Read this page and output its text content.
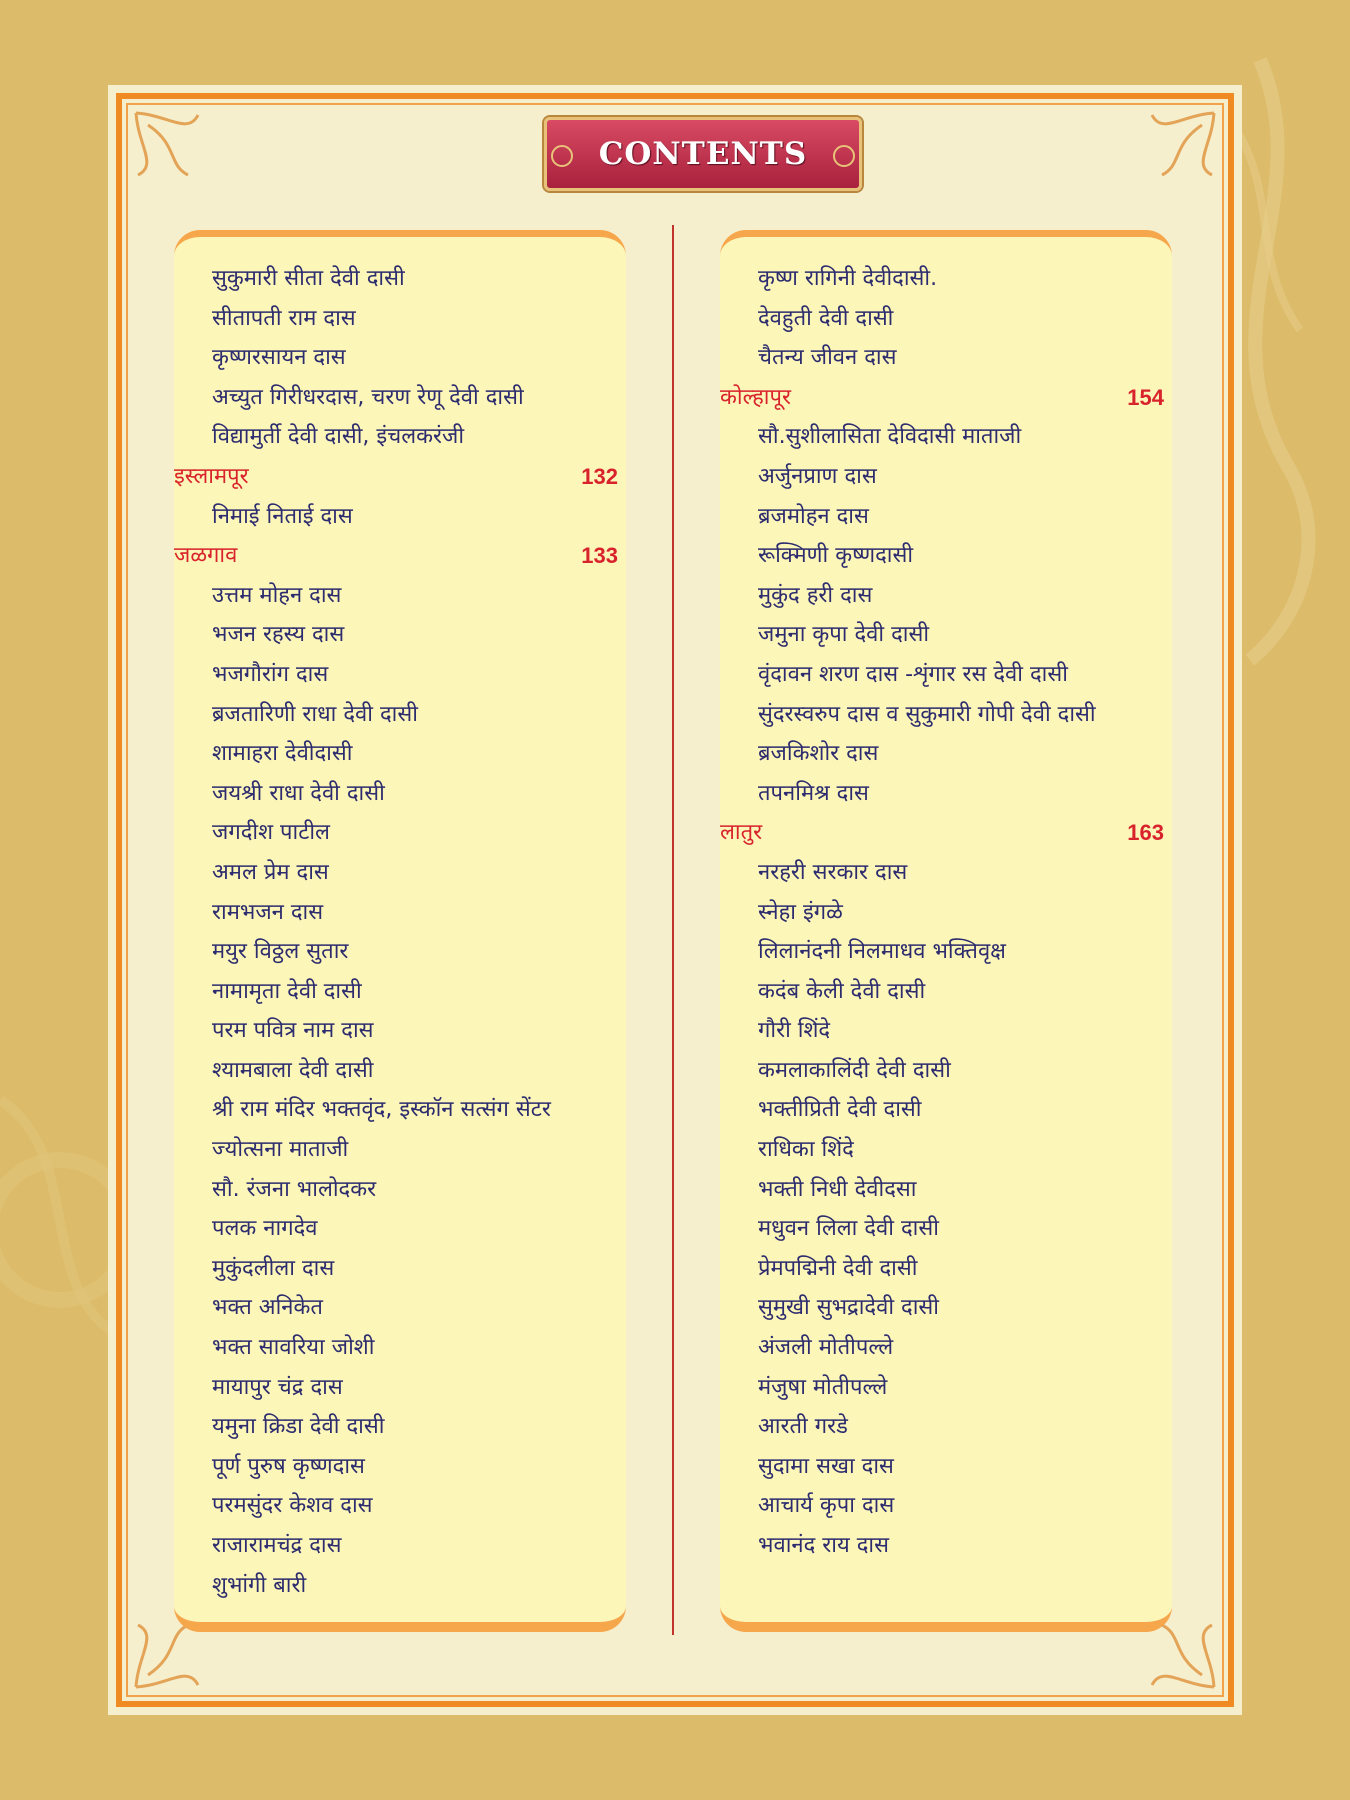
CONTENTS
सुकुमारी सीता देवी दासी
सीतापती राम दास
कृष्णरसायन दास
अच्युत गिरीधरदास, चरण रेणू देवी दासी
विद्यामुर्ती देवी दासी, इंचलकरंजी
इस्लामपूर	132
निमाई निताई दास
जळगाव	133
उत्तम मोहन दास
भजन रहस्य दास
भजगौरांग दास
ब्रजतारिणी राधा देवी दासी
शामाहरा देवीदासी
जयश्री राधा देवी दासी
जगदीश पाटील
अमल प्रेम दास
रामभजन दास
मयुर विठ्ठल सुतार
नामामृता देवी दासी
परम पवित्र नाम दास
श्यामबाला देवी दासी
श्री राम मंदिर भक्तवृंद, इस्कॉन सत्संग सेंटर
ज्योत्सना माताजी
सौ. रंजना भालोदकर
पलक नागदेव
मुकुंदलीला दास
भक्त अनिकेत
भक्त सावरिया जोशी
मायापुर चंद्र दास
यमुना क्रिडा देवी दासी
पूर्ण पुरुष कृष्णदास
परमसुंदर केशव दास
राजारामचंद्र दास
शुभांगी बारी
कृष्ण रागिनी देवीदासी.
देवहुती देवी दासी
चैतन्य जीवन दास
कोल्हापूर	154
सौ.सुशीलासिता देविदासी माताजी
अर्जुनप्राण दास
ब्रजमोहन दास
रूक्मिणी कृष्णदासी
मुकुंद हरी दास
जमुना कृपा देवी दासी
वृंदावन शरण दास -शृंगार रस देवी दासी
सुंदरस्वरुप दास व सुकुमारी गोपी देवी दासी
ब्रजकिशोर दास
तपनमिश्र दास
लातुर	163
नरहरी सरकार दास
स्नेहा इंगळे
लिलानंदनी निलमाधव भक्तिवृक्ष
कदंब केली देवी दासी
गौरी शिंदे
कमलाकालिंदी देवी दासी
भक्तीप्रिती देवी दासी
राधिका शिंदे
भक्ती निधी देवीदसा
मधुवन लिला देवी दासी
प्रेमपद्मिनी देवी दासी
सुमुखी सुभद्रादेवी दासी
अंजली मोतीपल्ले
मंजुषा मोतीपल्ले
आरती गरडे
सुदामा सखा दास
आचार्य कृपा दास
भवानंद राय दास
